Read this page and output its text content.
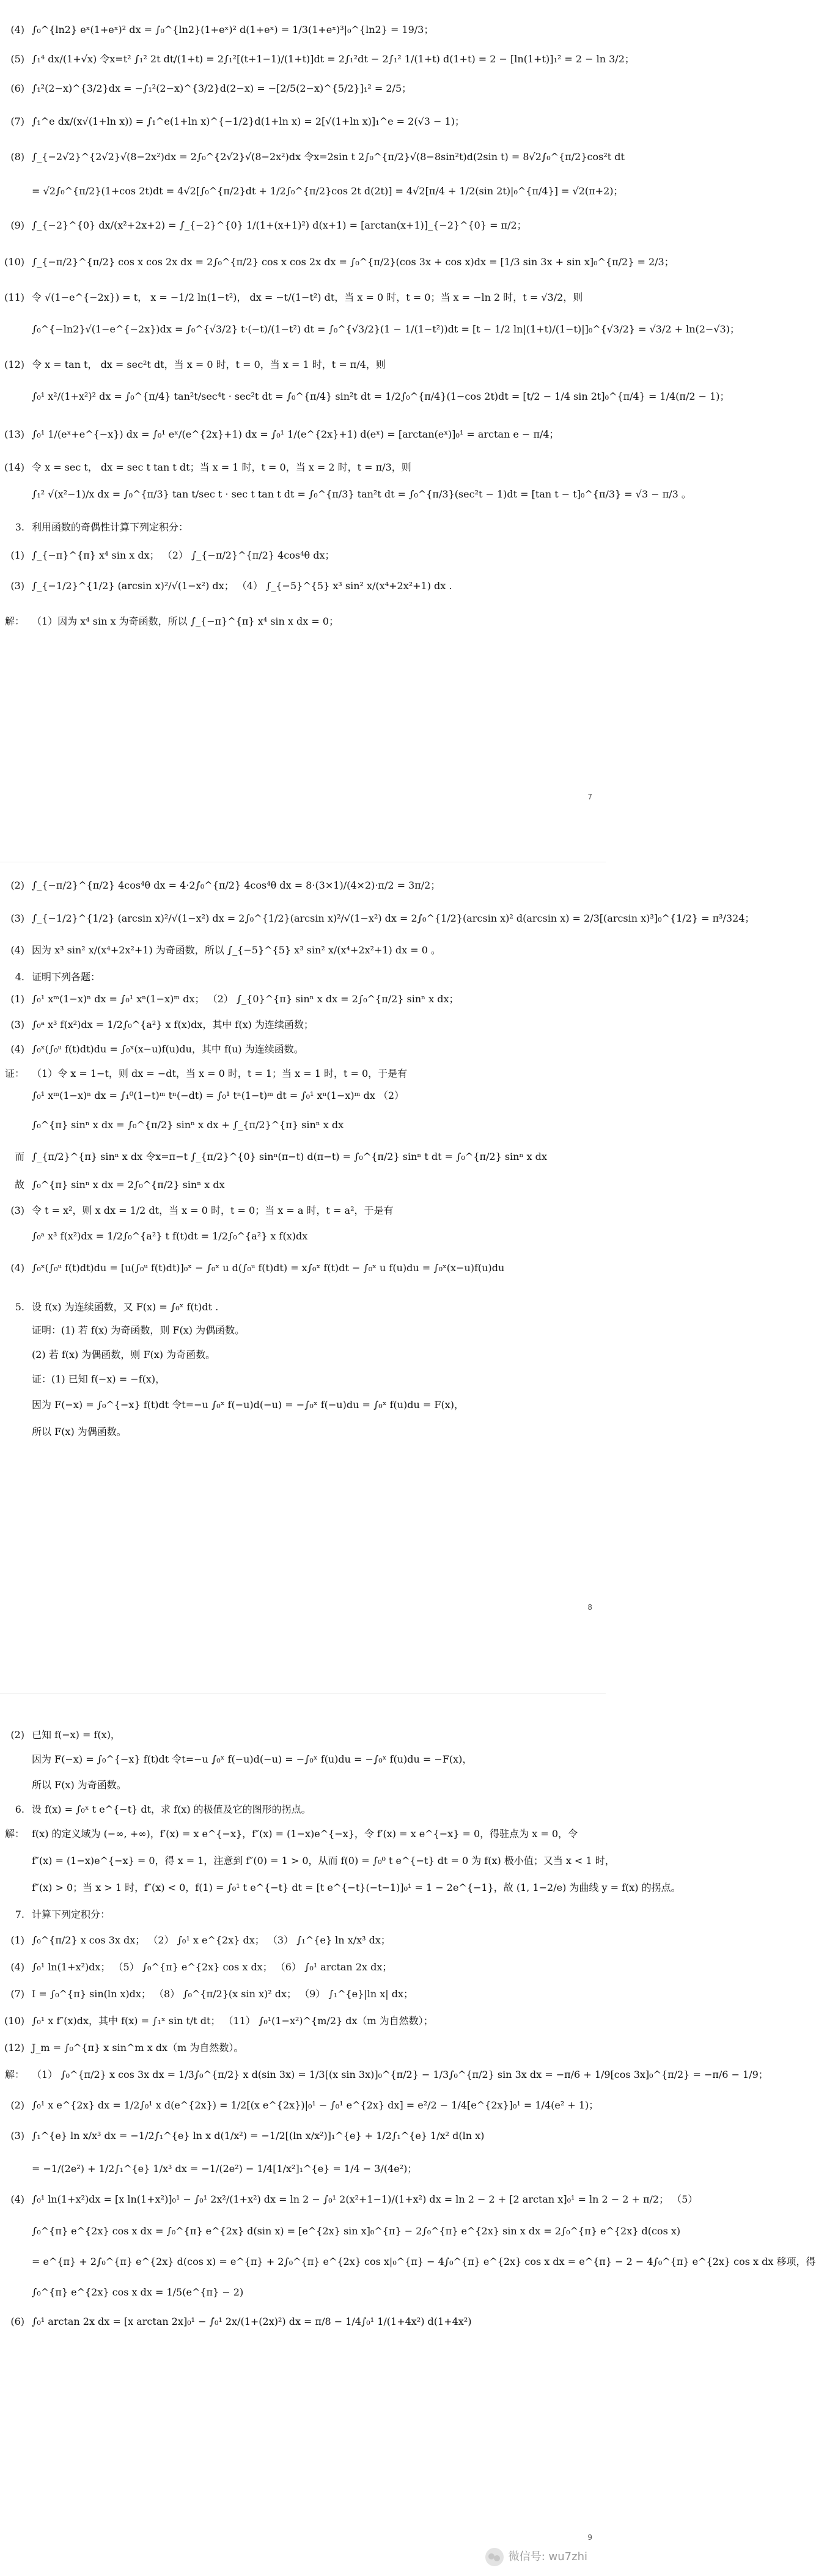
(4) ∫₀^{ln2} eˣ(1+eˣ)² dx = ∫₀^{ln2}(1+eˣ)² d(1+eˣ) = 1/3(1+eˣ)³|₀^{ln2} = 19/3；
(5) ∫₁⁴ dx/(1+√x) 令x=t² ∫₁² 2t dt/(1+t) = 2∫₁²[(t+1−1)/(1+t)]dt = 2∫₁²dt − 2∫₁² 1/(1+t) d(1+t) = 2 − [ln(1+t)]₁² = 2 − ln 3/2；
(6) ∫₁²(2−x)^{3/2}dx = −∫₁²(2−x)^{3/2}d(2−x) = −[2/5(2−x)^{5/2}]₁² = 2/5；
(7) ∫₁^e dx/(x√(1+ln x)) = ∫₁^e(1+ln x)^{−1/2}d(1+ln x) = 2[√(1+ln x)]₁^e = 2(√3 − 1)；
(8) ∫_{−2√2}^{2√2}√(8−2x²)dx = 2∫₀^{2√2}√(8−2x²)dx 令x=2sin t 2∫₀^{π/2}√(8−8sin²t)d(2sin t) = 8√2∫₀^{π/2}cos²t dt
= √2∫₀^{π/2}(1+cos 2t)dt = 4√2[∫₀^{π/2}dt + 1/2∫₀^{π/2}cos 2t d(2t)] = 4√2[π/4 + 1/2(sin 2t)|₀^{π/4}] = √2(π+2)；
(9) ∫_{−2}^{0} dx/(x²+2x+2) = ∫_{−2}^{0} 1/(1+(x+1)²) d(x+1) = [arctan(x+1)]_{−2}^{0} = π/2；
(10) ∫_{−π/2}^{π/2} cos x cos 2x dx = 2∫₀^{π/2} cos x cos 2x dx = ∫₀^{π/2}(cos 3x + cos x)dx = [1/3 sin 3x + sin x]₀^{π/2} = 2/3；
(11) 令 √(1−e^{−2x}) = t， x = −1/2 ln(1−t²)， dx = −t/(1−t²) dt，当 x = 0 时，t = 0；当 x = −ln 2 时，t = √3/2，则
∫₀^{−ln2}√(1−e^{−2x})dx = ∫₀^{√3/2} t·(−t)/(1−t²) dt = ∫₀^{√3/2}(1 − 1/(1−t²))dt = [t − 1/2 ln|(1+t)/(1−t)|]₀^{√3/2} = √3/2 + ln(2−√3)；
(12) 令 x = tan t， dx = sec²t dt，当 x = 0 时，t = 0，当 x = 1 时，t = π/4，则
∫₀¹ x²/(1+x²)² dx = ∫₀^{π/4} tan²t/sec⁴t · sec²t dt = ∫₀^{π/4} sin²t dt = 1/2∫₀^{π/4}(1−cos 2t)dt = [t/2 − 1/4 sin 2t]₀^{π/4} = 1/4(π/2 − 1)；
(13) ∫₀¹ 1/(eˣ+e^{−x}) dx = ∫₀¹ eˣ/(e^{2x}+1) dx = ∫₀¹ 1/(e^{2x}+1) d(eˣ) = [arctan(eˣ)]₀¹ = arctan e − π/4；
(14) 令 x = sec t， dx = sec t tan t dt；当 x = 1 时，t = 0，当 x = 2 时，t = π/3，则
∫₁² √(x²−1)/x dx = ∫₀^{π/3} tan t/sec t · sec t tan t dt = ∫₀^{π/3} tan²t dt = ∫₀^{π/3}(sec²t − 1)dt = [tan t − t]₀^{π/3} = √3 − π/3 。
3. 利用函数的奇偶性计算下列定积分：
(1) ∫_{−π}^{π} x⁴ sin x dx； （2） ∫_{−π/2}^{π/2} 4cos⁴θ dx；
(3) ∫_{−1/2}^{1/2} (arcsin x)²/√(1−x²) dx； （4） ∫_{−5}^{5} x³ sin² x/(x⁴+2x²+1) dx .
解： （1）因为 x⁴ sin x 为奇函数，所以 ∫_{−π}^{π} x⁴ sin x dx = 0；
7
(2) ∫_{−π/2}^{π/2} 4cos⁴θ dx = 4·2∫₀^{π/2} 4cos⁴θ dx = 8·(3×1)/(4×2)·π/2 = 3π/2；
(3) ∫_{−1/2}^{1/2} (arcsin x)²/√(1−x²) dx = 2∫₀^{1/2}(arcsin x)²/√(1−x²) dx = 2∫₀^{1/2}(arcsin x)² d(arcsin x) = 2/3[(arcsin x)³]₀^{1/2} = π³/324；
(4) 因为 x³ sin² x/(x⁴+2x²+1) 为奇函数，所以 ∫_{−5}^{5} x³ sin² x/(x⁴+2x²+1) dx = 0 。
4. 证明下列各题：
(1) ∫₀¹ xᵐ(1−x)ⁿ dx = ∫₀¹ xⁿ(1−x)ᵐ dx； （2） ∫_{0}^{π} sinⁿ x dx = 2∫₀^{π/2} sinⁿ x dx；
(3) ∫₀ᵃ x³ f(x²)dx = 1/2∫₀^{a²} x f(x)dx，其中 f(x) 为连续函数；
(4) ∫₀ˣ(∫₀ᵘ f(t)dt)du = ∫₀ˣ(x−u)f(u)du，其中 f(u) 为连续函数。
证： （1）令 x = 1−t，则 dx = −dt，当 x = 0 时，t = 1；当 x = 1 时，t = 0，于是有
∫₀¹ xᵐ(1−x)ⁿ dx = ∫₁⁰(1−t)ᵐ tⁿ(−dt) = ∫₀¹ tⁿ(1−t)ᵐ dt = ∫₀¹ xⁿ(1−x)ᵐ dx （2）
∫₀^{π} sinⁿ x dx = ∫₀^{π/2} sinⁿ x dx + ∫_{π/2}^{π} sinⁿ x dx
而 ∫_{π/2}^{π} sinⁿ x dx 令x=π−t ∫_{π/2}^{0} sinⁿ(π−t) d(π−t) = ∫₀^{π/2} sinⁿ t dt = ∫₀^{π/2} sinⁿ x dx
故 ∫₀^{π} sinⁿ x dx = 2∫₀^{π/2} sinⁿ x dx
(3) 令 t = x²，则 x dx = 1/2 dt，当 x = 0 时，t = 0；当 x = a 时，t = a²，于是有
∫₀ᵃ x³ f(x²)dx = 1/2∫₀^{a²} t f(t)dt = 1/2∫₀^{a²} x f(x)dx
(4) ∫₀ˣ(∫₀ᵘ f(t)dt)du = [u(∫₀ᵘ f(t)dt)]₀ˣ − ∫₀ˣ u d(∫₀ᵘ f(t)dt) = x∫₀ˣ f(t)dt − ∫₀ˣ u f(u)du = ∫₀ˣ(x−u)f(u)du
5. 设 f(x) 为连续函数，又 F(x) = ∫₀ˣ f(t)dt .
证明：(1) 若 f(x) 为奇函数，则 F(x) 为偶函数。
(2) 若 f(x) 为偶函数，则 F(x) 为奇函数。
证：(1) 已知 f(−x) = −f(x)，
因为 F(−x) = ∫₀^{−x} f(t)dt 令t=−u ∫₀ˣ f(−u)d(−u) = −∫₀ˣ f(−u)du = ∫₀ˣ f(u)du = F(x)，
所以 F(x) 为偶函数。
8
(2) 已知 f(−x) = f(x)，
因为 F(−x) = ∫₀^{−x} f(t)dt 令t=−u ∫₀ˣ f(−u)d(−u) = −∫₀ˣ f(u)du = −∫₀ˣ f(u)du = −F(x)，
所以 F(x) 为奇函数。
6. 设 f(x) = ∫₀ˣ t e^{−t} dt，求 f(x) 的极值及它的图形的拐点。
解： f(x) 的定义域为 (−∞, +∞)，f′(x) = x e^{−x}，f″(x) = (1−x)e^{−x}，令 f′(x) = x e^{−x} = 0，得驻点为 x = 0，令
f″(x) = (1−x)e^{−x} = 0，得 x = 1，注意到 f″(0) = 1 > 0，从而 f(0) = ∫₀⁰ t e^{−t} dt = 0 为 f(x) 极小值；又当 x < 1 时，
f″(x) > 0；当 x > 1 时，f″(x) < 0，f(1) = ∫₀¹ t e^{−t} dt = [t e^{−t}(−t−1)]₀¹ = 1 − 2e^{−1}，故 (1, 1−2/e) 为曲线 y = f(x) 的拐点。
7. 计算下列定积分：
(1) ∫₀^{π/2} x cos 3x dx； （2） ∫₀¹ x e^{2x} dx； （3） ∫₁^{e} ln x/x³ dx；
(4) ∫₀¹ ln(1+x²)dx； （5） ∫₀^{π} e^{2x} cos x dx； （6） ∫₀¹ arctan 2x dx；
(7) I = ∫₀^{π} sin(ln x)dx； （8） ∫₀^{π/2}(x sin x)² dx； （9） ∫₁^{e}|ln x| dx；
(10) ∫₀¹ x f″(x)dx，其中 f(x) = ∫₁ˣ sin t/t dt； （11） ∫₀¹(1−x²)^{m/2} dx（m 为自然数）；
(12) J_m = ∫₀^{π} x sin^m x dx（m 为自然数）。
解： （1） ∫₀^{π/2} x cos 3x dx = 1/3∫₀^{π/2} x d(sin 3x) = 1/3[(x sin 3x)]₀^{π/2} − 1/3∫₀^{π/2} sin 3x dx = −π/6 + 1/9[cos 3x]₀^{π/2} = −π/6 − 1/9；
(2) ∫₀¹ x e^{2x} dx = 1/2∫₀¹ x d(e^{2x}) = 1/2[(x e^{2x})|₀¹ − ∫₀¹ e^{2x} dx] = e²/2 − 1/4[e^{2x}]₀¹ = 1/4(e² + 1)；
(3) ∫₁^{e} ln x/x³ dx = −1/2∫₁^{e} ln x d(1/x²) = −1/2[(ln x/x²)]₁^{e} + 1/2∫₁^{e} 1/x² d(ln x)
= −1/(2e²) + 1/2∫₁^{e} 1/x³ dx = −1/(2e²) − 1/4[1/x²]₁^{e} = 1/4 − 3/(4e²)；
(4) ∫₀¹ ln(1+x²)dx = [x ln(1+x²)]₀¹ − ∫₀¹ 2x²/(1+x²) dx = ln 2 − ∫₀¹ 2(x²+1−1)/(1+x²) dx = ln 2 − 2 + [2 arctan x]₀¹ = ln 2 − 2 + π/2； （5）
∫₀^{π} e^{2x} cos x dx = ∫₀^{π} e^{2x} d(sin x) = [e^{2x} sin x]₀^{π} − 2∫₀^{π} e^{2x} sin x dx = 2∫₀^{π} e^{2x} d(cos x)
= e^{π} + 2∫₀^{π} e^{2x} d(cos x) = e^{π} + 2∫₀^{π} e^{2x} cos x|₀^{π} − 4∫₀^{π} e^{2x} cos x dx = e^{π} − 2 − 4∫₀^{π} e^{2x} cos x dx 移项，得
∫₀^{π} e^{2x} cos x dx = 1/5(e^{π} − 2)
(6) ∫₀¹ arctan 2x dx = [x arctan 2x]₀¹ − ∫₀¹ 2x/(1+(2x)²) dx = π/8 − 1/4∫₀¹ 1/(1+4x²) d(1+4x²)
9
微信号: wu7zhi
